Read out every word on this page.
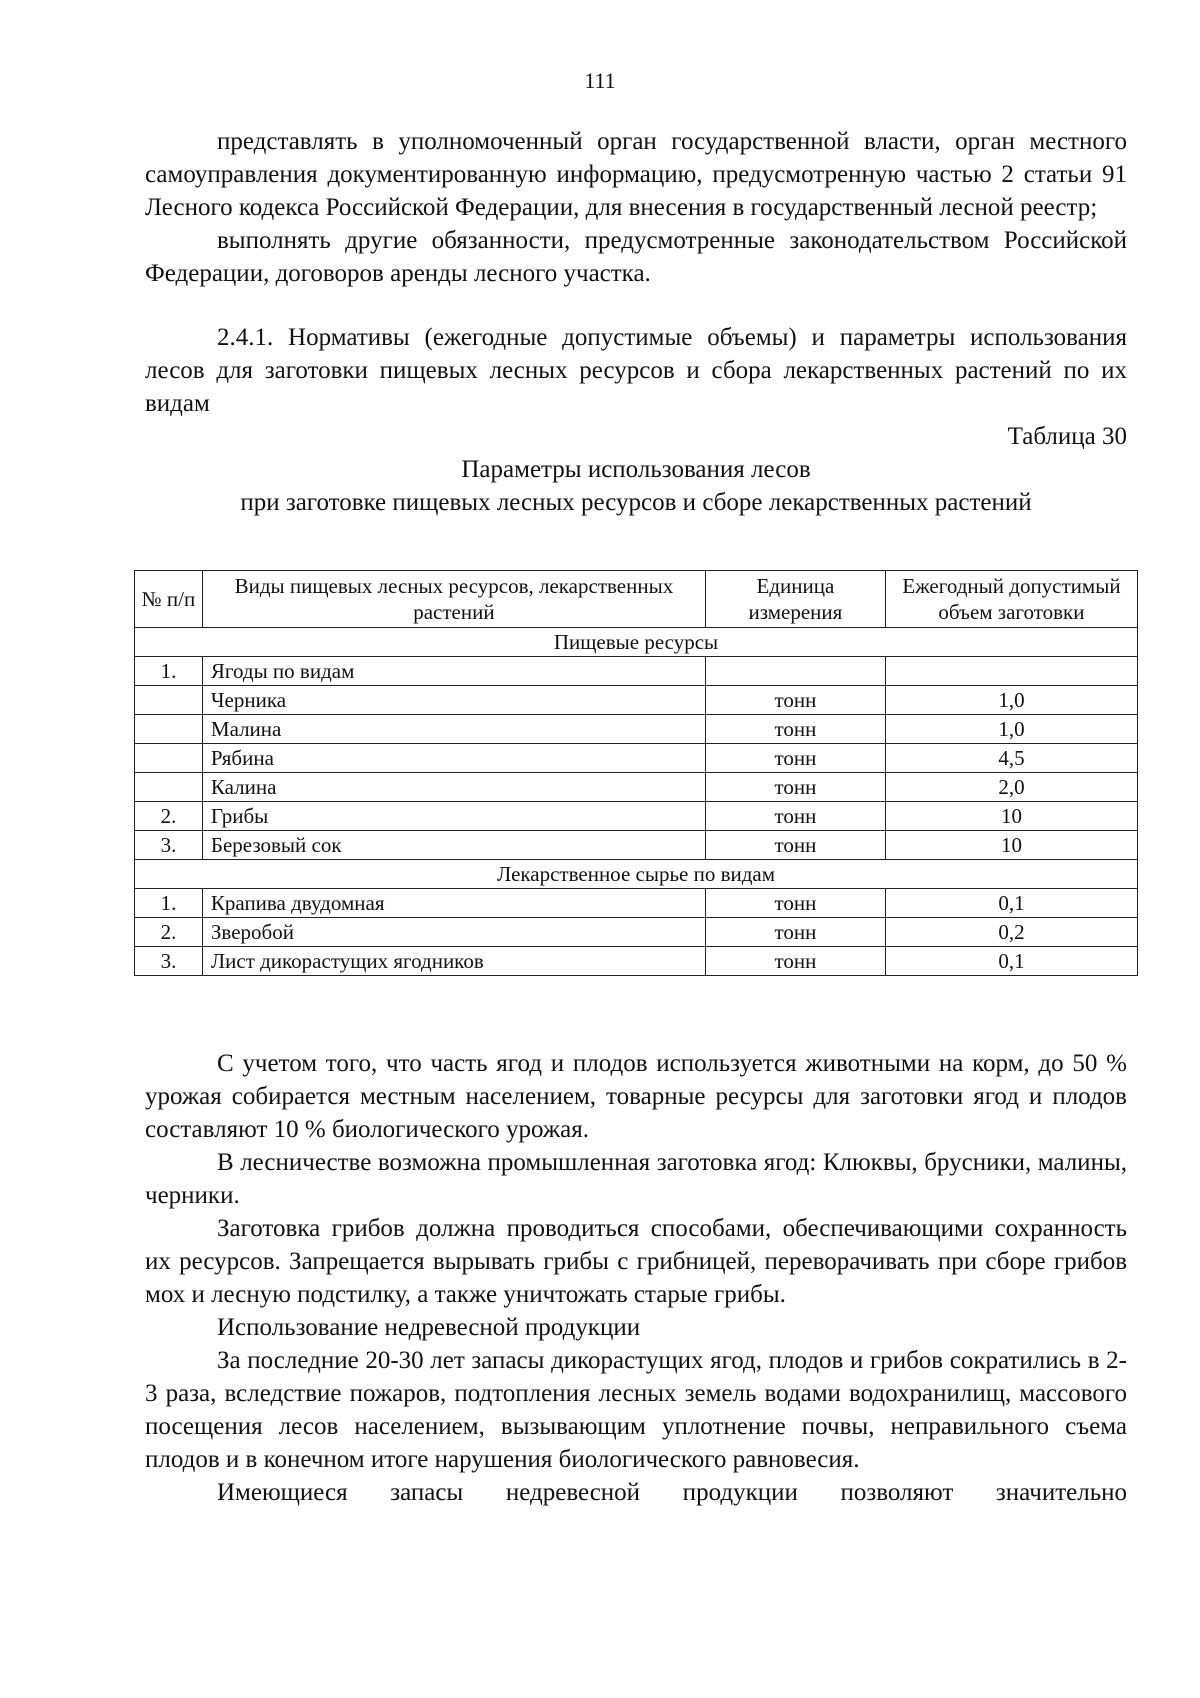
111

представлять в уполномоченный орган государственной власти, орган местного самоуправления документированную информацию, предусмотренную частью 2 статьи 91 Лесного кодекса Российской Федерации, для внесения в государственный лесной реестр;

выполнять другие обязанности, предусмотренные законодательством Российской Федерации, договоров аренды лесного участка.

2.4.1. Нормативы (ежегодные допустимые объемы) и параметры использования лесов для заготовки пищевых лесных ресурсов и сбора лекарственных растений по их видам

Таблица 30

Параметры использования лесов

при заготовке пищевых лесных ресурсов и сборе лекарственных растений

№ п/п	Виды пищевых лесных ресурсов, лекарственных растений	Единица измерения	Ежегодный допустимый объем заготовки
Пищевые ресурсы			
1.	Ягоды по видам		
	Черника	тонн	1,0
	Малина	тонн	1,0
	Рябина	тонн	4,5
	Калина	тонн	2,0
2.	Грибы	тонн	10
3.	Березовый сок	тонн	10
Лекарственное сырье по видам			
1.	Крапива двудомная	тонн	0,1
2.	Зверобой	тонн	0,2
3.	Лист дикорастущих ягодников	тонн	0,1

С учетом того, что часть ягод и плодов используется животными на корм, до 50 % урожая собирается местным населением, товарные ресурсы для заготовки ягод и плодов составляют 10 % биологического урожая.

В лесничестве возможна промышленная заготовка ягод: Клюквы, брусники, малины, черники.

Заготовка грибов должна проводиться способами, обеспечивающими сохранность их ресурсов. Запрещается вырывать грибы с грибницей, переворачивать при сборе грибов мох и лесную подстилку, а также уничтожать старые грибы.

Использование недревесной продукции

За последние 20-30 лет запасы дикорастущих ягод, плодов и грибов сократились в 2-3 раза, вследствие пожаров, подтопления лесных земель водами водохранилищ, массового посещения лесов населением, вызывающим уплотнение почвы, неправильного съема плодов и в конечном итоге нарушения биологического равновесия.

Имеющиеся запасы недревесной продукции позволяют значительно
